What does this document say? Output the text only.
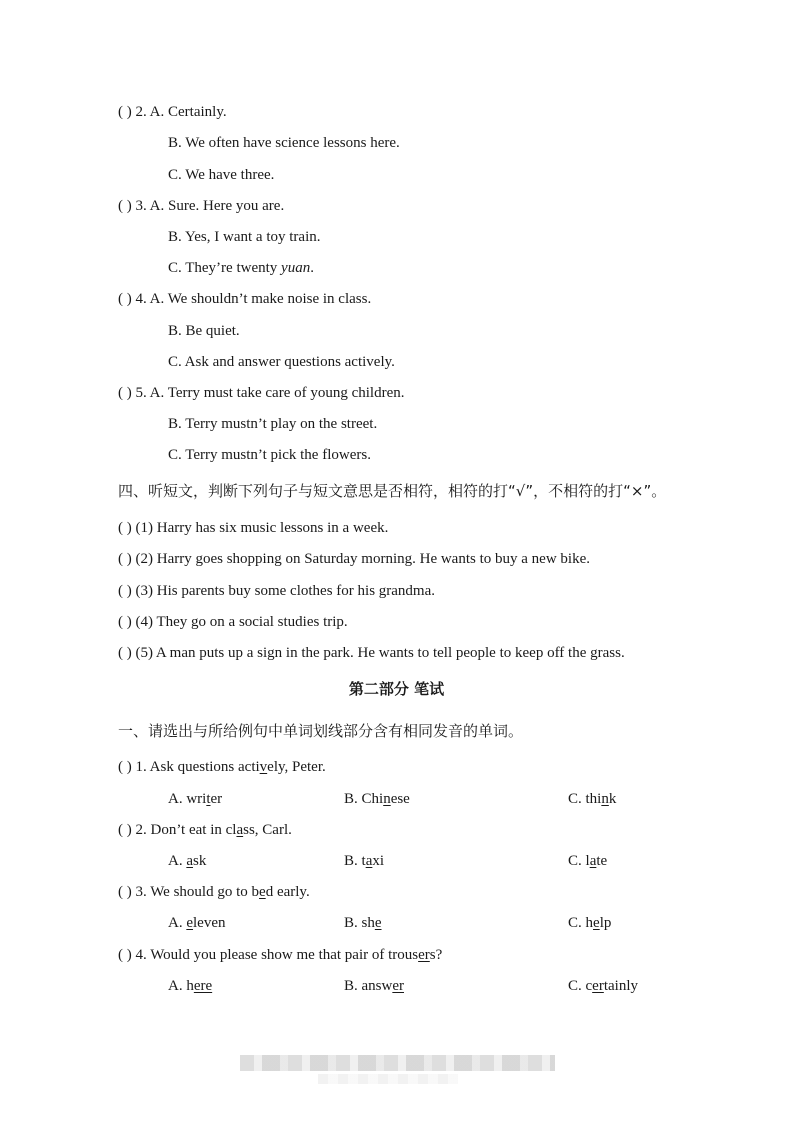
( ) 2. A. Certainly.
B. We often have science lessons here.
C. We have three.
( ) 3. A. Sure. Here you are.
B. Yes, I want a toy train.
C. They’re twenty yuan.
( ) 4. A. We shouldn’t make noise in class.
B. Be quiet.
C. Ask and answer questions actively.
( ) 5. A. Terry must take care of young children.
B. Terry mustn’t play on the street.
C. Terry mustn’t pick the flowers.
四、听短文，判断下列句子与短文意思是否相符，相符的打“√”，不相符的打“×”。
( ) (1) Harry has six music lessons in a week.
( ) (2) Harry goes shopping on Saturday morning. He wants to buy a new bike.
( ) (3) His parents buy some clothes for his grandma.
( ) (4) They go on a social studies trip.
( ) (5) A man puts up a sign in the park. He wants to tell people to keep off the grass.
第二部分 笔试
一、请选出与所给例句中单词划线部分含有相同发音的单词。
( ) 1. Ask questions actively, Peter.
A. writer	B. Chinese	C. think
( ) 2. Don’t eat in class, Carl.
A. ask	B. taxi	C. late
( ) 3. We should go to bed early.
A. eleven	B. she	C. help
( ) 4. Would you please show me that pair of trousers?
A. here	B. answer	C. certainly
